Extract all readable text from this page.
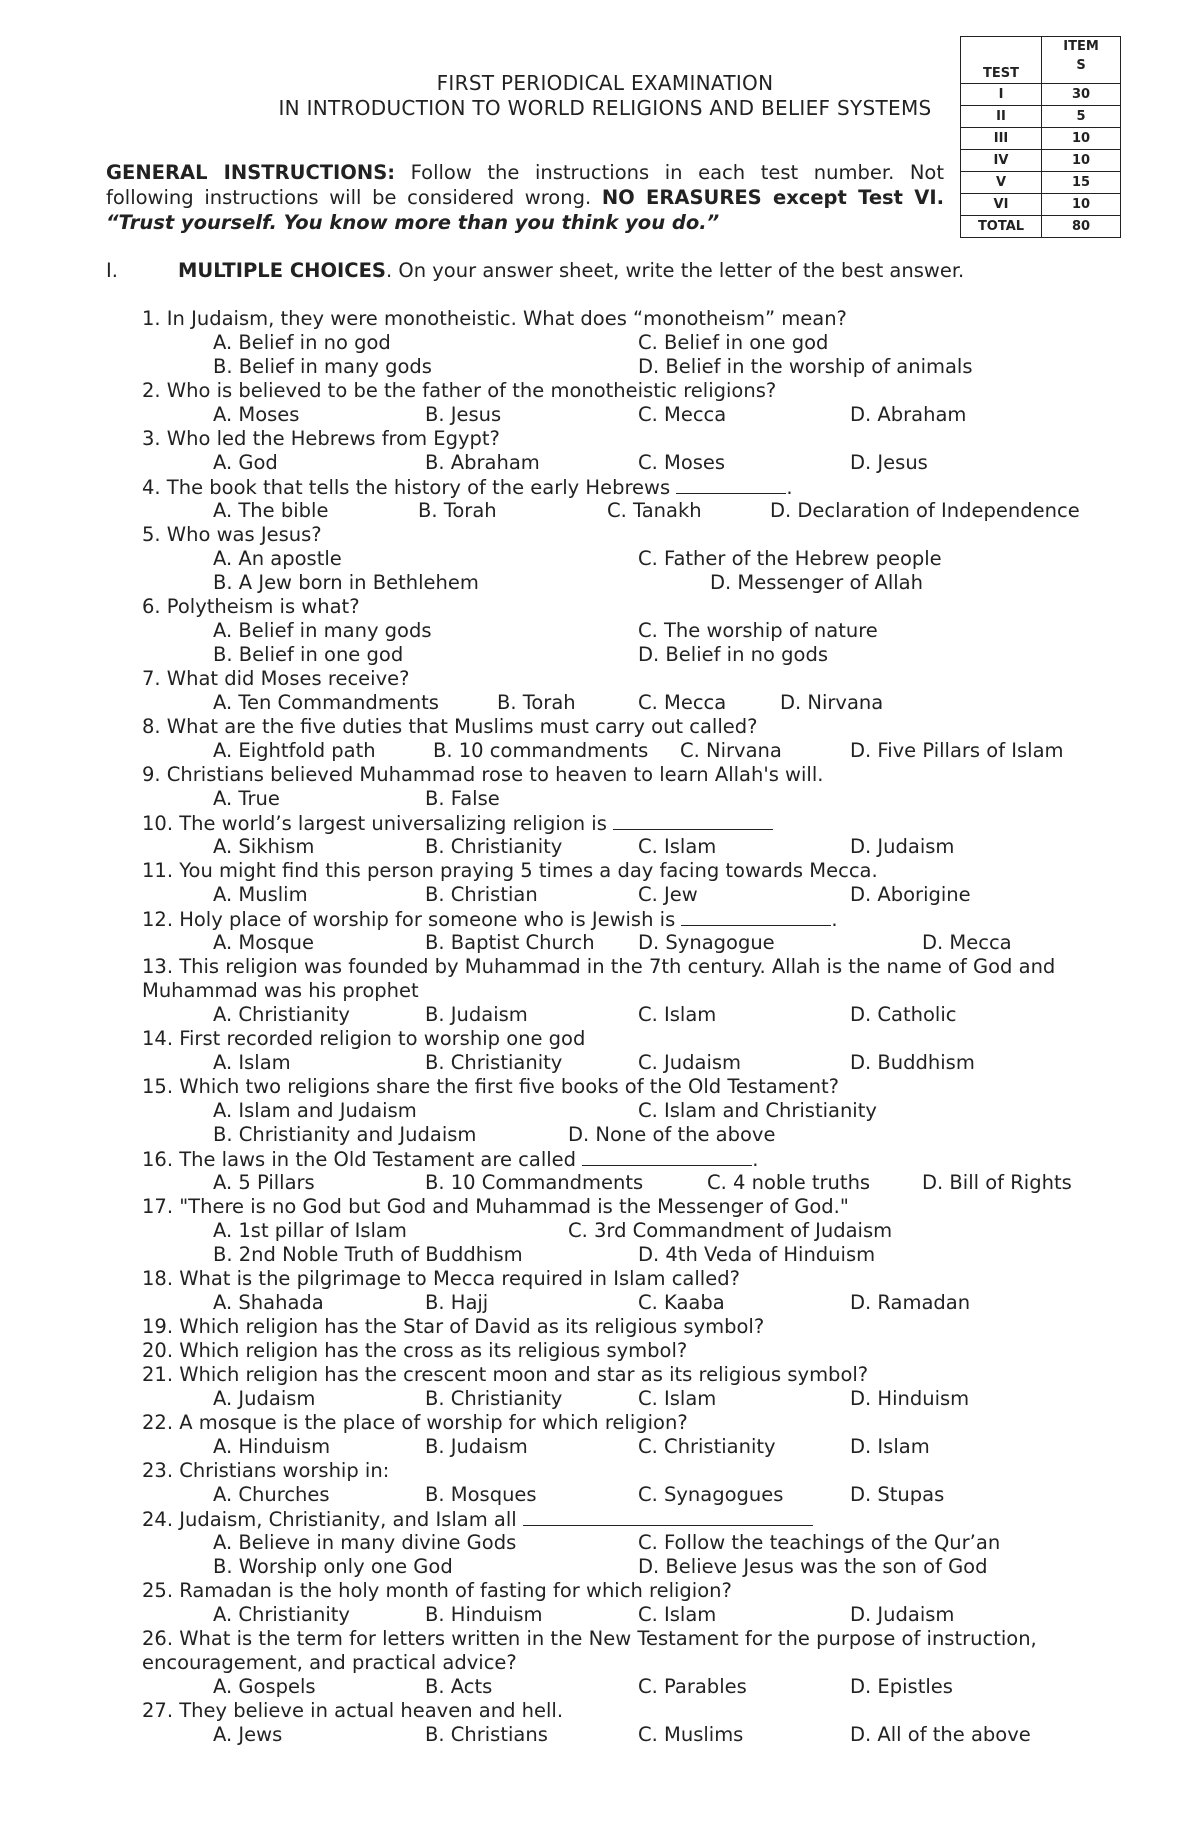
FIRST PERIODICAL EXAMINATION
IN INTRODUCTION TO WORLD RELIGIONS AND BELIEF SYSTEMS
TEST	ITEM S
I	30
II	5
III	10
IV	10
V	15
VI	10
TOTAL	80
GENERAL INSTRUCTIONS: Follow the instructions in each test number. Not following instructions will be considered wrong. NO ERASURES except Test VI. “Trust yourself. You know more than you think you do.”
I.	MULTIPLE CHOICES. On your answer sheet, write the letter of the best answer.
1. In Judaism, they were monotheistic. What does “monotheism” mean?
A. Belief in no god	C. Belief in one god
B. Belief in many gods	D. Belief in the worship of animals
2. Who is believed to be the father of the monotheistic religions?
A. Moses	B. Jesus	C. Mecca	D. Abraham
3. Who led the Hebrews from Egypt?
A. God	B. Abraham	C. Moses	D. Jesus
4. The book that tells the history of the early Hebrews	.
A. The bible	B. Torah	C. Tanakh	D. Declaration of Independence
5. Who was Jesus?
A. An apostle	C. Father of the Hebrew people
B. A Jew born in Bethlehem	D. Messenger of Allah
6. Polytheism is what?
A. Belief in many gods	C. The worship of nature
B. Belief in one god	D. Belief in no gods
7. What did Moses receive?
A. Ten Commandments	B. Torah	C. Mecca	D. Nirvana
8. What are the five duties that Muslims must carry out called?
A. Eightfold path	B. 10 commandments C. Nirvana	D. Five Pillars of Islam
9. Christians believed Muhammad rose to heaven to learn Allah's will.
A. True	B. False
10. The world’s largest universalizing religion is
A. Sikhism	B. Christianity	C. Islam	D. Judaism
11. You might find this person praying 5 times a day facing towards Mecca.
A. Muslim	B. Christian	C. Jew	D. Aborigine
12. Holy place of worship for someone who is Jewish is	.
A. Mosque	B. Baptist Church D. Synagogue	D. Mecca
13. This religion was founded by Muhammad in the 7th century. Allah is the name of God and Muhammad was his prophet
A. Christianity	B. Judaism	C. Islam	D. Catholic
14. First recorded religion to worship one god
A. Islam	B. Christianity	C. Judaism	D. Buddhism
15. Which two religions share the first five books of the Old Testament?
A. Islam and Judaism	C. Islam and Christianity
B. Christianity and Judaism	D. None of the above
16. The laws in the Old Testament are called	.
A. 5 Pillars	B. 10 Commandments	C. 4 noble truths	D. Bill of Rights
17. "There is no God but God and Muhammad is the Messenger of God."
A. 1st pillar of Islam	C. 3rd Commandment of Judaism
B. 2nd Noble Truth of Buddhism	D. 4th Veda of Hinduism
18. What is the pilgrimage to Mecca required in Islam called?
A. Shahada	B. Hajj	C. Kaaba	D. Ramadan
19. Which religion has the Star of David as its religious symbol?
20. Which religion has the cross as its religious symbol?
21. Which religion has the crescent moon and star as its religious symbol?
A. Judaism	B. Christianity	C. Islam	D. Hinduism
22. A mosque is the place of worship for which religion?
A. Hinduism	B. Judaism	C. Christianity	D. Islam
23. Christians worship in:
A. Churches	B. Mosques	C. Synagogues	D. Stupas
24. Judaism, Christianity, and Islam all
A. Believe in many divine Gods	C. Follow the teachings of the Qur’an
B. Worship only one God	D. Believe Jesus was the son of God
25. Ramadan is the holy month of fasting for which religion?
A. Christianity	B. Hinduism	C. Islam	D. Judaism
26. What is the term for letters written in the New Testament for the purpose of instruction, encouragement, and practical advice?
A. Gospels	B. Acts	C. Parables	D. Epistles
27. They believe in actual heaven and hell.
A. Jews	B. Christians	C. Muslims	D. All of the above
